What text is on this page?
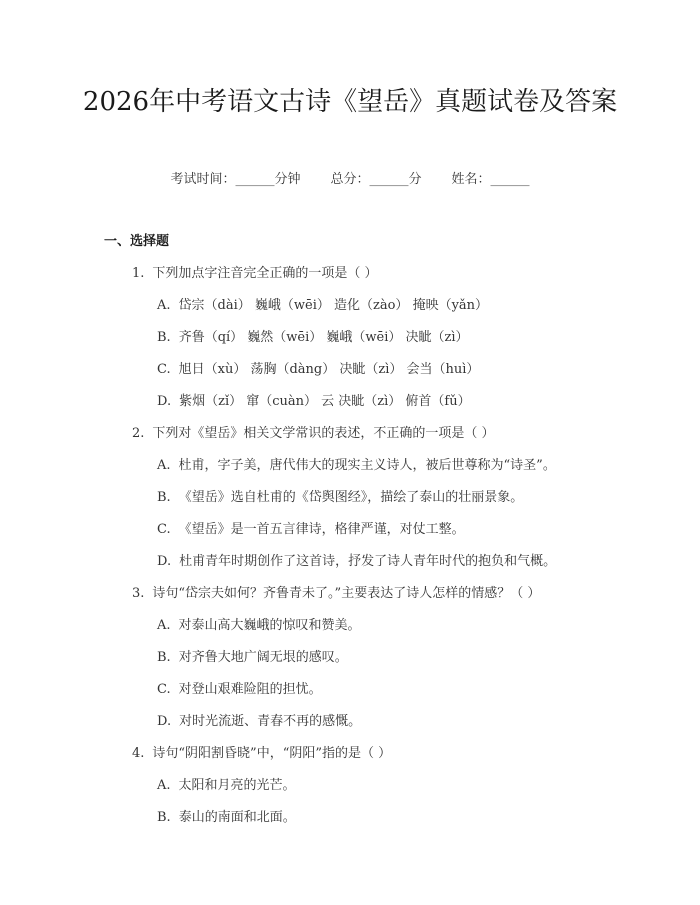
2026年中考语文古诗《望岳》真题试卷及答案
考试时间：______分钟 总分：______分 姓名：______
一、选择题
1. 下列加点字注音完全正确的一项是（ ）
A. 岱宗（dài） 巍峨（wēi） 造化（zào） 掩映（yǎn）
B. 齐鲁（qí） 巍然（wēi） 巍峨（wēi） 决眦（zì）
C. 旭日（xù） 荡胸（dàng） 决眦（zì） 会当（huì）
D. 紫烟（zǐ） 窜（cuàn） 云 决眦（zì） 俯首（fǔ）
2. 下列对《望岳》相关文学常识的表述，不正确的一项是（ ）
A. 杜甫，字子美，唐代伟大的现实主义诗人，被后世尊称为“诗圣”。
B. 《望岳》选自杜甫的《岱舆图经》，描绘了泰山的壮丽景象。
C. 《望岳》是一首五言律诗，格律严谨，对仗工整。
D. 杜甫青年时期创作了这首诗，抒发了诗人青年时代的抱负和气概。
3. 诗句“岱宗夫如何？齐鲁青未了。”主要表达了诗人怎样的情感？（ ）
A. 对泰山高大巍峨的惊叹和赞美。
B. 对齐鲁大地广阔无垠的感叹。
C. 对登山艰难险阻的担忧。
D. 对时光流逝、青春不再的感慨。
4. 诗句“阴阳割昏晓”中，“阴阳”指的是（ ）
A. 太阳和月亮的光芒。
B. 泰山的南面和北面。
